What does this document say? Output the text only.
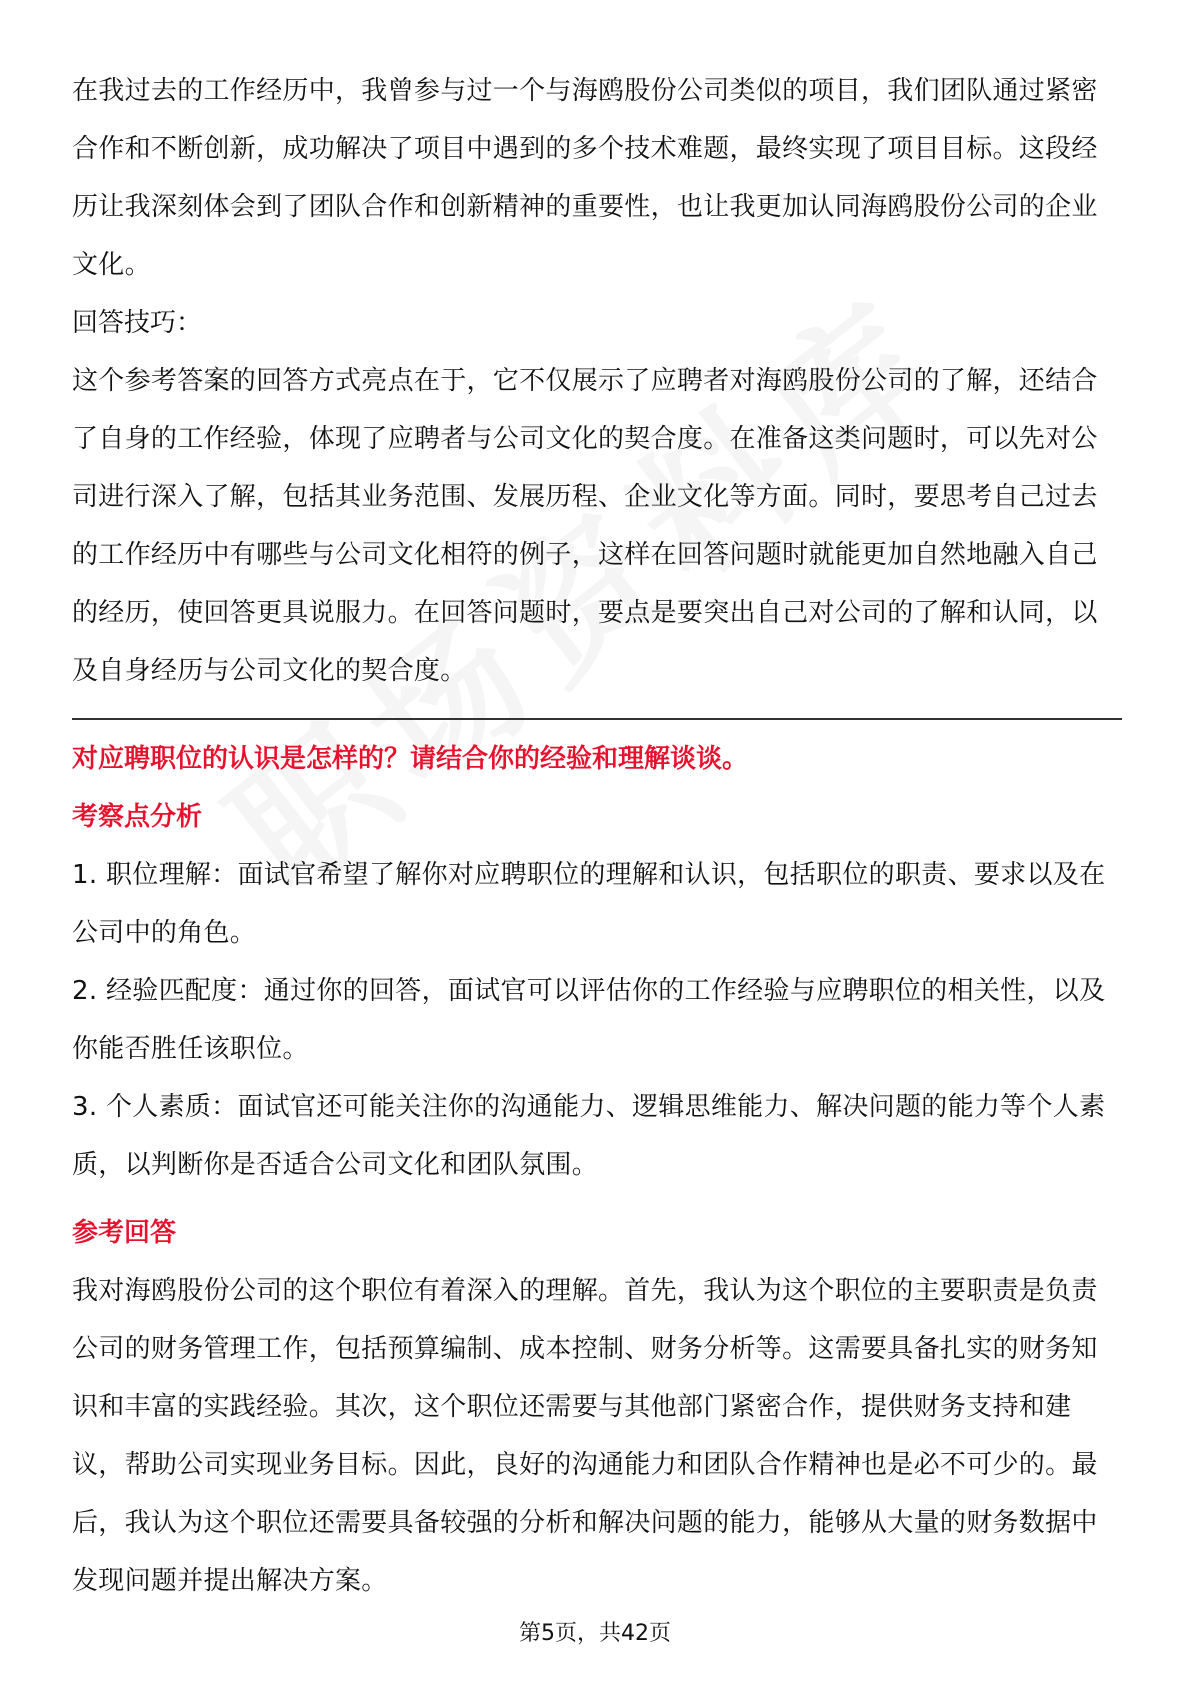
在我过去的工作经历中，我曾参与过一个与海鸥股份公司类似的项目，我们团队通过紧密合作和不断创新，成功解决了项目中遇到的多个技术难题，最终实现了项目目标。这段经历让我深刻体会到了团队合作和创新精神的重要性，也让我更加认同海鸥股份公司的企业文化。

回答技巧：

这个参考答案的回答方式亮点在于，它不仅展示了应聘者对海鸥股份公司的了解，还结合了自身的工作经验，体现了应聘者与公司文化的契合度。在准备这类问题时，可以先对公司进行深入了解，包括其业务范围、发展历程、企业文化等方面。同时，要思考自己过去的工作经历中有哪些与公司文化相符的例子，这样在回答问题时就能更加自然地融入自己的经历，使回答更具说服力。在回答问题时，要点是要突出自己对公司的了解和认同，以及自身经历与公司文化的契合度。

对应聘职位的认识是怎样的？请结合你的经验和理解谈谈。

考察点分析

1. 职位理解：面试官希望了解你对应聘职位的理解和认识，包括职位的职责、要求以及在公司中的角色。

2. 经验匹配度：通过你的回答，面试官可以评估你的工作经验与应聘职位的相关性，以及你能否胜任该职位。

3. 个人素质：面试官还可能关注你的沟通能力、逻辑思维能力、解决问题的能力等个人素质，以判断你是否适合公司文化和团队氛围。

参考回答

我对海鸥股份公司的这个职位有着深入的理解。首先，我认为这个职位的主要职责是负责公司的财务管理工作，包括预算编制、成本控制、财务分析等。这需要具备扎实的财务知识和丰富的实践经验。其次，这个职位还需要与其他部门紧密合作，提供财务支持和建议，帮助公司实现业务目标。因此，良好的沟通能力和团队合作精神也是必不可少的。最后，我认为这个职位还需要具备较强的分析和解决问题的能力，能够从大量的财务数据中发现问题并提出解决方案。

第5页，共42页
